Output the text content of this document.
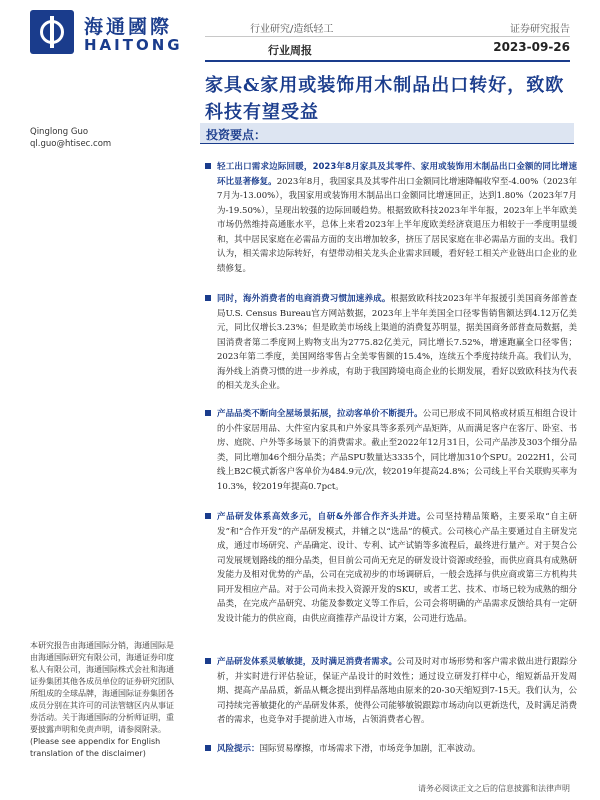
海通國際
HAITONG
行业研究/造纸轻工
行业周报
证券研究报告
2023-09-26
家具&家用或装饰用木制品出口转好，致欧科技有望受益
Qinglong Guo
ql.guo@htisec.com
投资要点：
轻工出口需求边际回暖，2023年8月家具及其零件、家用或装饰用木制品出口金额的同比增速环比显著修复。2023年8月，我国家具及其零件出口金额同比增速降幅收窄至-4.00%（2023年7月为-13.00%），我国家用或装饰用木制品出口金额同比增速回正，达到1.80%（2023年7月为-19.50%），呈现出较强的边际回暖趋势。根据致欧科技2023年半年报，2023年上半年欧美市场仍然维持高通胀水平，总体上来看2023年上半年度欧美经济衰退压力相较于一季度明显缓和，其中居民家庭在必需品方面的支出增加较多，挤压了居民家庭在非必需品方面的支出。我们认为，相关需求边际转好，有望带动相关龙头企业需求回暖，看好轻工相关产业链出口企业的业绩修复。
同时，海外消费者的电商消费习惯加速养成。根据致欧科技2023年半年报援引美国商务部普查局U.S. Census Bureau官方网站数据，2023年上半年美国全口径零售销售额达到4.12万亿美元，同比仅增长3.23%；但是欧美市场线上渠道的消费复苏明显，据美国商务部普查局数据，美国消费者第二季度网上购物支出为2775.82亿美元，同比增长7.52%，增速跑赢全口径零售；2023年第二季度，美国网络零售占全美零售额的15.4%，连续五个季度持续升高。我们认为，海外线上消费习惯的进一步养成，有助于我国跨境电商企业的长期发展，看好以致欧科技为代表的相关龙头企业。
产品品类不断向全屋场景拓展，拉动客单价不断提升。公司已形成不同风格或材质互相组合设计的小件家居用品、大件室内家具和户外家具等多系列产品矩阵，从而满足客户在客厅、卧室、书房、庭院、户外等多场景下的消费需求。截止至2022年12月31日，公司产品涉及303个细分品类，同比增加46个细分品类；产品SPU数量达3335个，同比增加310个SPU。2022H1，公司线上B2C模式新客户客单价为484.9元/次，较2019年提高24.8%；公司线上平台关联购买率为10.3%，较2019年提高0.7pct。
产品研发体系高效多元，自研&外部合作齐头并进。公司坚持精品策略，主要采取“自主研发”和“合作开发”的产品研发模式，并辅之以“选品”的模式。公司核心产品主要通过自主研发完成，通过市场研究、产品确定、设计、专利、试产试销等多流程后，最终进行量产。对于契合公司发展规划路线的细分品类，但目前公司尚无充足的研发设计资源或经验，而供应商具有成熟研发能力及相对优势的产品，公司在完成初步的市场调研后，一般会选择与供应商或第三方机构共同开发相应产品。对于公司尚未投入资源开发的SKU，或者工艺、技术、市场已较为成熟的细分品类，在完成产品研究、功能及参数定义等工作后，公司会将明确的产品需求反馈给具有一定研发设计能力的供应商，由供应商推荐产品设计方案，公司进行选品。
产品研发体系灵敏敏捷，及时满足消费者需求。公司及时对市场形势和客户需求做出进行跟踪分析，并实时进行评估验证，保证产品设计的时效性；通过设立研发打样中心，缩短新品开发周期、提高产品品质，新品从概念提出到样品落地由原来的20-30天缩短到7-15天。我们认为，公司持续完善敏捷化的产品研发体系，使得公司能够敏锐跟踪市场动向以更新迭代，及时满足消费者的需求，也竞争对手提前进入市场，占领消费者心智。
风险提示：国际贸易摩擦，市场需求下滑，市场竞争加剧，汇率波动。
本研究报告由海通国际分销，海通国际是由海通国际研究有限公司，海通证券印度私人有限公司，海通国际株式会社和海通证券集团其他各成员单位的证券研究团队所组成的全球品牌，海通国际证券集团各成员分别在其许可的司法管辖区内从事证券活动。关于海通国际的分析师证明，重要披露声明和免责声明，请参阅附录。(Please see appendix for English translation of the disclaimer)
请务必阅读正文之后的信息披露和法律声明
